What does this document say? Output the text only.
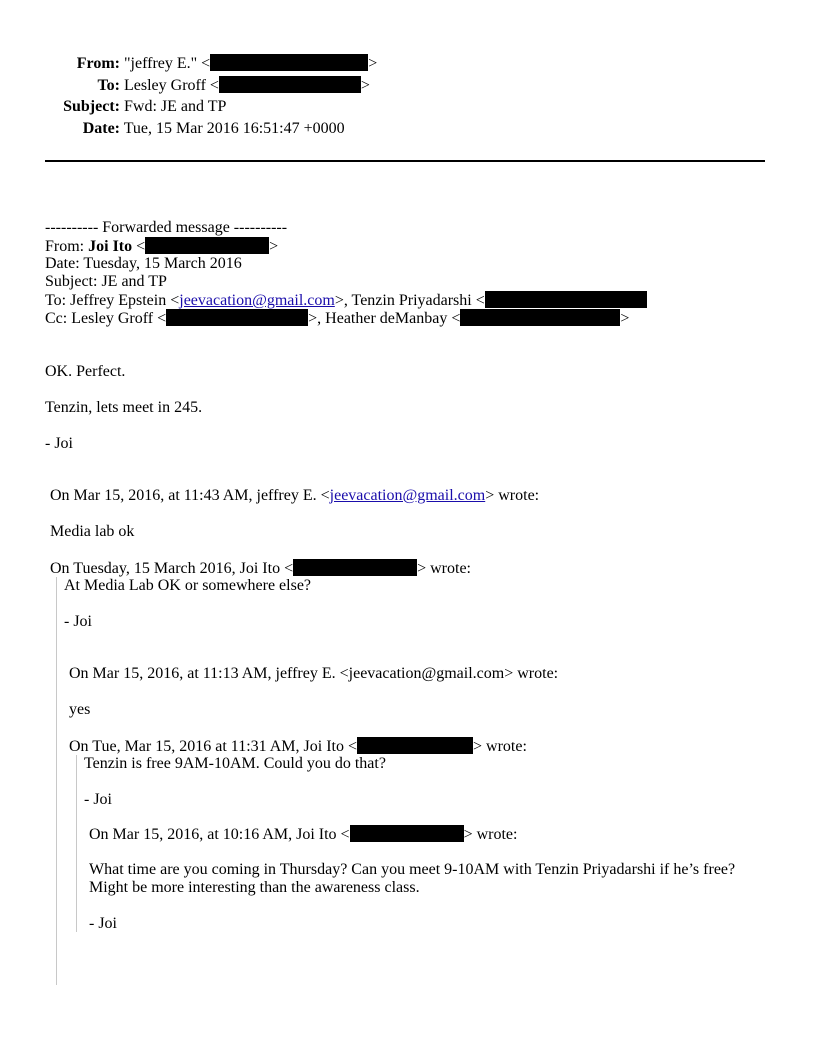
From: "jeffrey E." <	>
To: Lesley Groff <	>
Subject: Fwd: JE and TP
Date: Tue, 15 Mar 2016 16:51:47 +0000
---------- Forwarded message ----------
From: Joi Ito <	>
Date: Tuesday, 15 March 2016
Subject: JE and TP
To: Jeffrey Epstein <jeevacation@gmail.com>, Tenzin Priyadarshi <
Cc: Lesley Groff <	>, Heather deManbay <	>
OK. Perfect.
Tenzin, lets meet in 245.
- Joi
On Mar 15, 2016, at 11:43 AM, jeffrey E. <jeevacation@gmail.com> wrote:
Media lab ok
On Tuesday, 15 March 2016, Joi Ito <	> wrote:
At Media Lab OK or somewhere else?
- Joi
On Mar 15, 2016, at 11:13 AM, jeffrey E. <jeevacation@gmail.com> wrote:
yes
On Tue, Mar 15, 2016 at 11:31 AM, Joi Ito <	> wrote:
Tenzin is free 9AM-10AM. Could you do that?
- Joi
On Mar 15, 2016, at 10:16 AM, Joi Ito <	> wrote:
What time are you coming in Thursday? Can you meet 9-10AM with Tenzin Priyadarshi if he’s free?
Might be more interesting than the awareness class.
- Joi
